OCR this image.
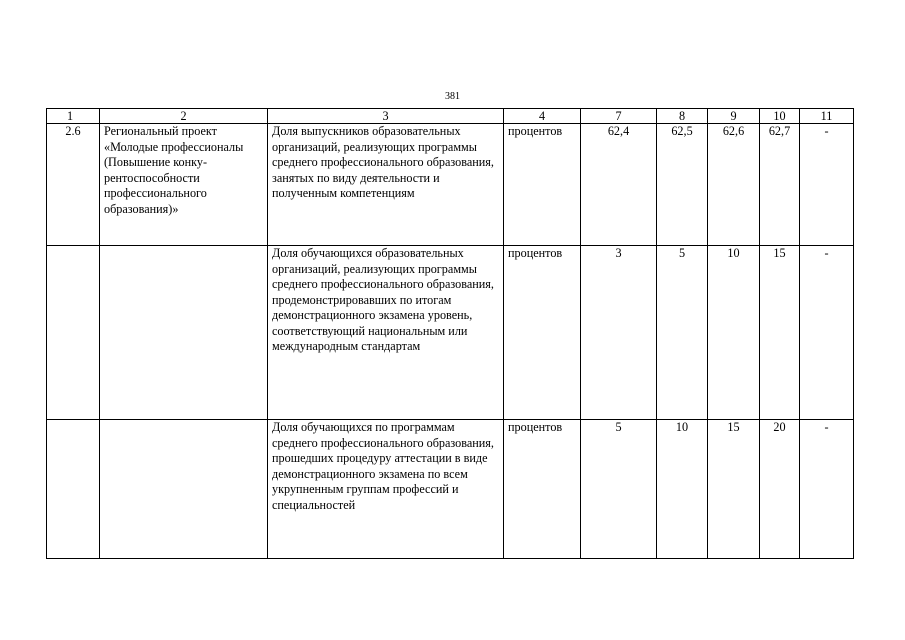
381
1	2	3	4	7	8	9	10	11
2.6	Региональный проект «Молодые профессионалы (Повышение конку-рентоспособности профессионального образования)»	Доля выпускников образовательных организаций, реализующих программы среднего профессионального образования, занятых по виду деятельности и полученным компетенциям	процентов	62,4	62,5	62,6	62,7	-
		Доля обучающихся образовательных организаций, реализующих программы среднего профессионального образования, продемонстрировавших по итогам демонстрационного экзамена уровень, соответствующий национальным или международным стандартам	процентов	3	5	10	15	-
		Доля обучающихся по программам среднего профессионального образования, прошедших процедуру аттестации в виде демонстрационного экзамена по всем укрупненным группам профессий и специальностей	процентов	5	10	15	20	-
